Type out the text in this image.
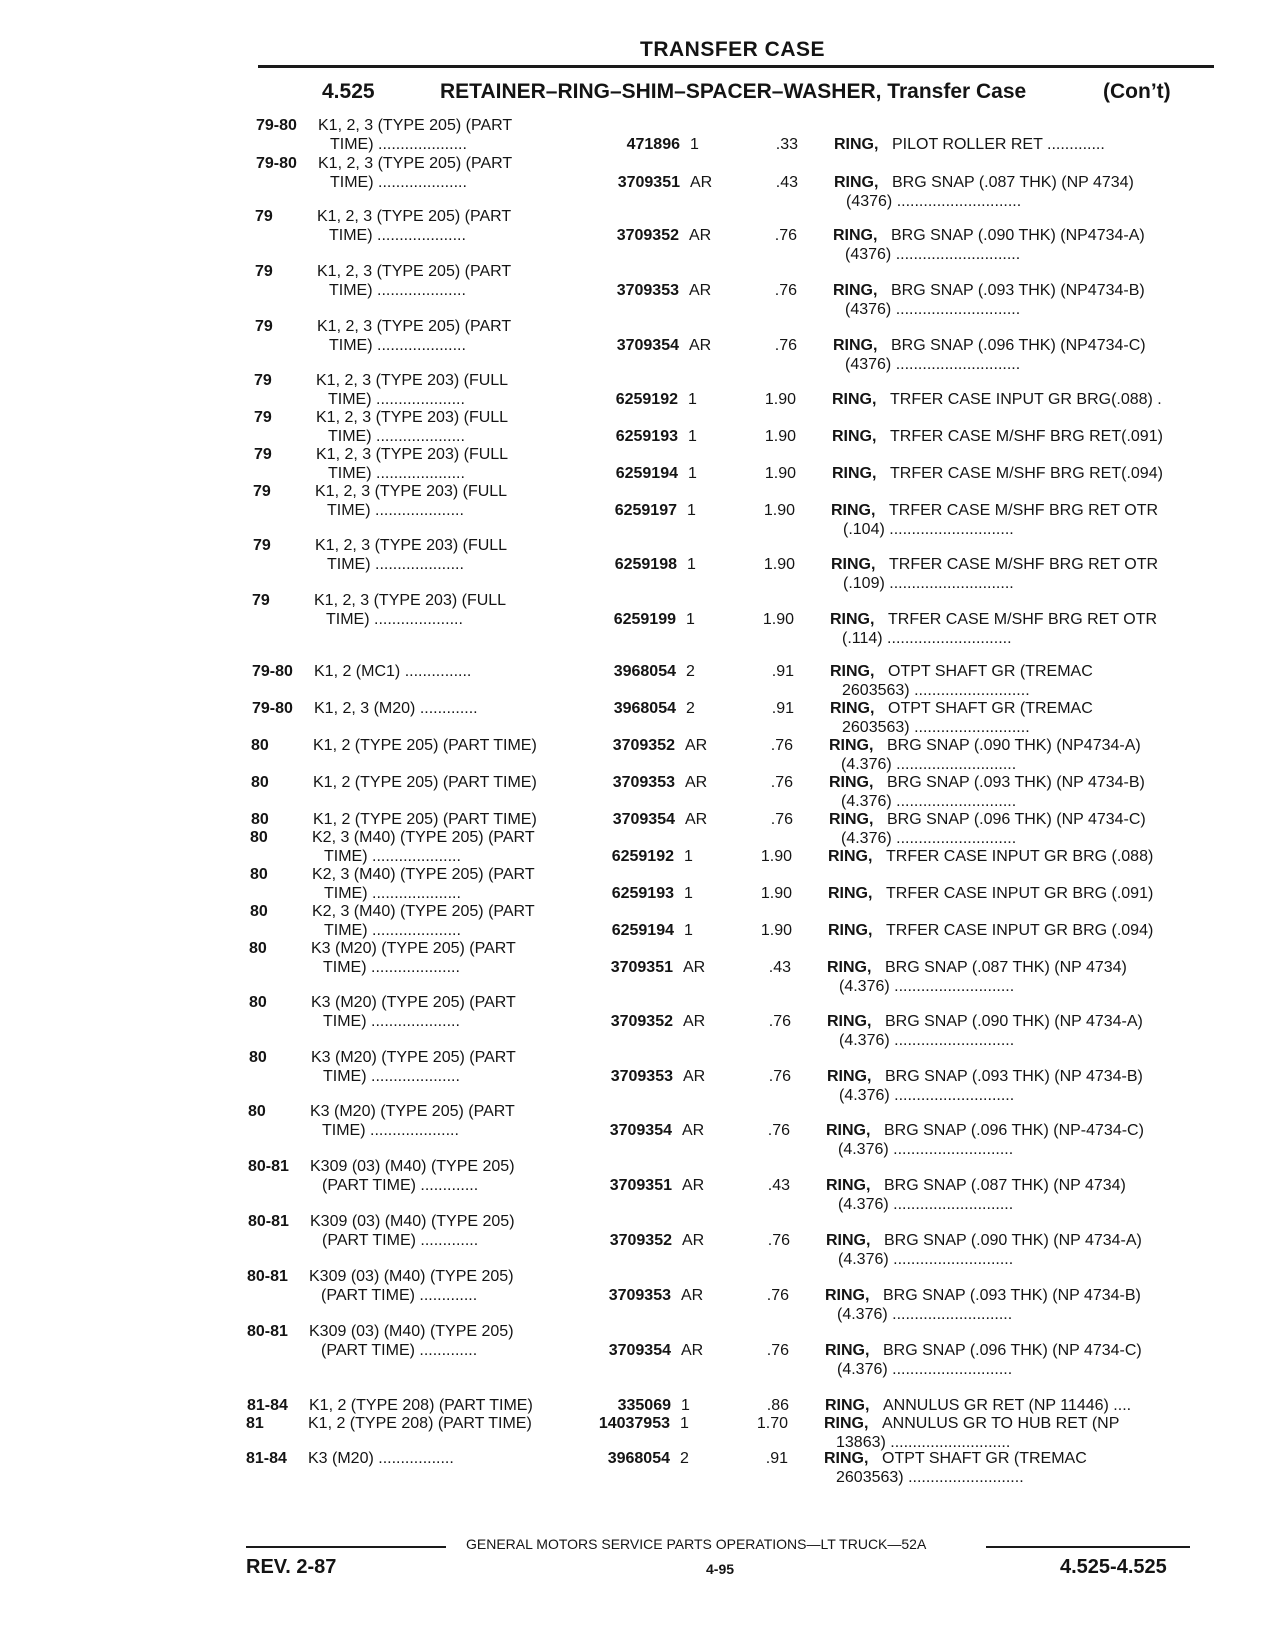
TRANSFER CASE
4.525	RETAINER–RING–SHIM–SPACER–WASHER, Transfer Case	(Con’t)
79-80 K1, 2, 3 (TYPE 205) (PART
TIME) ....................	471896 1	.33 RING, PILOT ROLLER RET .............
79-80 K1, 2, 3 (TYPE 205) (PART
TIME) ....................	3709351 AR	.43 RING, BRG SNAP (.087 THK) (NP 4734)
(4376) ............................
79	K1, 2, 3 (TYPE 205) (PART
TIME) ....................	3709352 AR	.76 RING, BRG SNAP (.090 THK) (NP4734-A)
(4376) ............................
79	K1, 2, 3 (TYPE 205) (PART
TIME) ....................	3709353 AR	.76 RING, BRG SNAP (.093 THK) (NP4734-B)
(4376) ............................
79	K1, 2, 3 (TYPE 205) (PART
TIME) ....................	3709354 AR	.76 RING, BRG SNAP (.096 THK) (NP4734-C)
(4376) ............................
79	K1, 2, 3 (TYPE 203) (FULL
TIME) ....................	6259192 1	1.90 RING, TRFER CASE INPUT GR BRG(.088) .
79	K1, 2, 3 (TYPE 203) (FULL
TIME) ....................	6259193 1	1.90 RING, TRFER CASE M/SHF BRG RET(.091)
79	K1, 2, 3 (TYPE 203) (FULL
TIME) ....................	6259194 1	1.90 RING, TRFER CASE M/SHF BRG RET(.094)
79	K1, 2, 3 (TYPE 203) (FULL
TIME) ....................	6259197 1	1.90 RING, TRFER CASE M/SHF BRG RET OTR
(.104) ............................
79	K1, 2, 3 (TYPE 203) (FULL
TIME) ....................	6259198 1	1.90 RING, TRFER CASE M/SHF BRG RET OTR
(.109) ............................
79	K1, 2, 3 (TYPE 203) (FULL
TIME) ....................	6259199 1	1.90 RING, TRFER CASE M/SHF BRG RET OTR
(.114) ............................
79-80 K1, 2 (MC1) ...............	3968054 2	.91 RING, OTPT SHAFT GR (TREMAC
2603563) ..........................
79-80 K1, 2, 3 (M20) .............	3968054 2	.91 RING, OTPT SHAFT GR (TREMAC
2603563) ..........................
80	K1, 2 (TYPE 205) (PART TIME)	3709352 AR	.76 RING, BRG SNAP (.090 THK) (NP4734-A)
(4.376) ...........................
80	K1, 2 (TYPE 205) (PART TIME)	3709353 AR	.76 RING, BRG SNAP (.093 THK) (NP 4734-B)
(4.376) ...........................
80	K1, 2 (TYPE 205) (PART TIME)	3709354 AR	.76 RING, BRG SNAP (.096 THK) (NP 4734-C)
(4.376) ...........................
80	K2, 3 (M40) (TYPE 205) (PART
TIME) ....................	6259192 1	1.90 RING, TRFER CASE INPUT GR BRG (.088)
80	K2, 3 (M40) (TYPE 205) (PART
TIME) ....................	6259193 1	1.90 RING, TRFER CASE INPUT GR BRG (.091)
80	K2, 3 (M40) (TYPE 205) (PART
TIME) ....................	6259194 1	1.90 RING, TRFER CASE INPUT GR BRG (.094)
80	K3 (M20) (TYPE 205) (PART
TIME) ....................	3709351 AR	.43 RING, BRG SNAP (.087 THK) (NP 4734)
(4.376) ...........................
80	K3 (M20) (TYPE 205) (PART
TIME) ....................	3709352 AR	.76 RING, BRG SNAP (.090 THK) (NP 4734-A)
(4.376) ...........................
80	K3 (M20) (TYPE 205) (PART
TIME) ....................	3709353 AR	.76 RING, BRG SNAP (.093 THK) (NP 4734-B)
(4.376) ...........................
80	K3 (M20) (TYPE 205) (PART
TIME) ....................	3709354 AR	.76 RING, BRG SNAP (.096 THK) (NP-4734-C)
(4.376) ...........................
80-81 K309 (03) (M40) (TYPE 205)
(PART TIME) .............	3709351 AR	.43 RING, BRG SNAP (.087 THK) (NP 4734)
(4.376) ...........................
80-81 K309 (03) (M40) (TYPE 205)
(PART TIME) .............	3709352 AR	.76 RING, BRG SNAP (.090 THK) (NP 4734-A)
(4.376) ...........................
80-81 K309 (03) (M40) (TYPE 205)
(PART TIME) .............	3709353 AR	.76 RING, BRG SNAP (.093 THK) (NP 4734-B)
(4.376) ...........................
80-81 K309 (03) (M40) (TYPE 205)
(PART TIME) .............	3709354 AR	.76 RING, BRG SNAP (.096 THK) (NP 4734-C)
(4.376) ...........................
81-84 K1, 2 (TYPE 208) (PART TIME)	335069 1	.86 RING, ANNULUS GR RET (NP 11446) ....
81	K1, 2 (TYPE 208) (PART TIME)	14037953 1	1.70 RING, ANNULUS GR TO HUB RET (NP
13863) ...........................
81-84 K3 (M20) .................	3968054 2	.91 RING, OTPT SHAFT GR (TREMAC
2603563) ..........................
GENERAL MOTORS SERVICE PARTS OPERATIONS—LT TRUCK—52A
REV. 2-87	4-95	4.525-4.525
